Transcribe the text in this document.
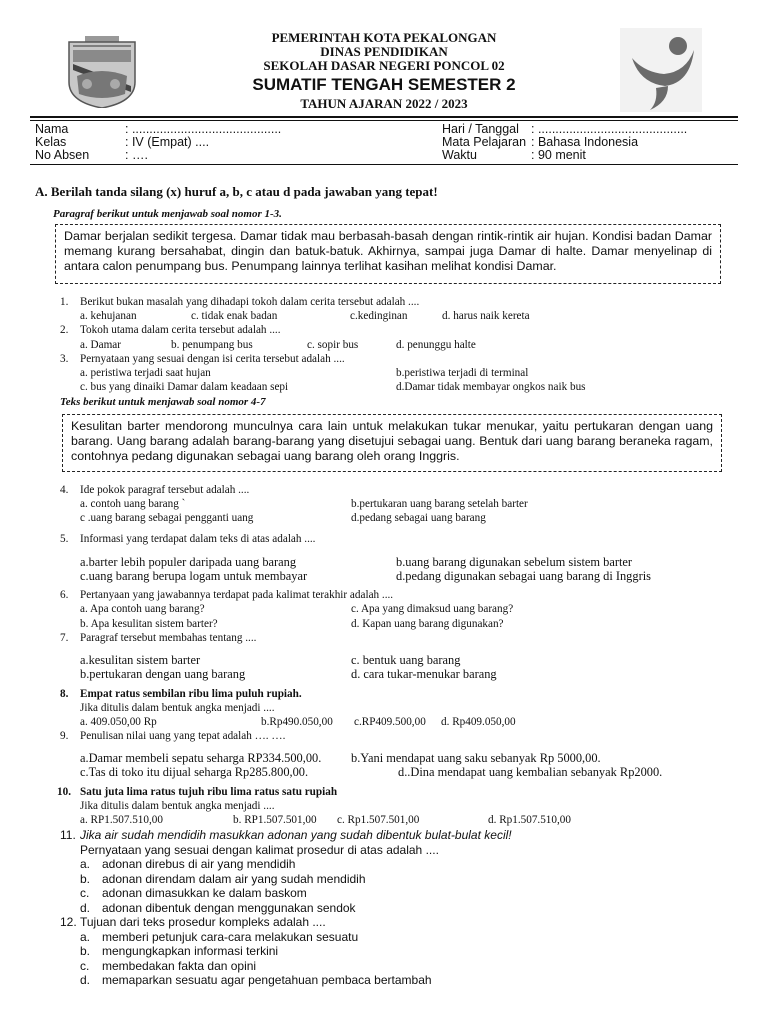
PEMERINTAH KOTA PEKALONGAN
DINAS PENDIDIKAN
SEKOLAH DASAR NEGERI PONCOL 02
SUMATIF TENGAH SEMESTER 2
TAHUN AJARAN 2022 / 2023
Nama	: ...........................................
Kelas	: IV (Empat) ....
No Absen	: ….
Hari / Tanggal : ...........................................
Mata Pelajaran : Bahasa Indonesia
Waktu	: 90 menit
A. Berilah tanda silang (x) huruf a, b, c atau d pada jawaban yang tepat!
Paragraf berikut untuk menjawab soal nomor 1-3.
Damar berjalan sedikit tergesa. Damar tidak mau berbasah-basah dengan rintik-rintik air hujan. Kondisi badan Damar memang kurang bersahabat, dingin dan batuk-batuk. Akhirnya, sampai juga Damar di halte. Damar menyelinap di antara calon penumpang bus. Penumpang lainnya terlihat kasihan melihat kondisi Damar.
1. Berikut bukan masalah yang dihadapi tokoh dalam cerita tersebut adalah ....
a. kehujanan	c. tidak enak badan	c.kedinginan	d. harus naik kereta
2. Tokoh utama dalam cerita tersebut adalah ....
a. Damar	b. penumpang bus	c. sopir bus	d. penunggu halte
3. Pernyataan yang sesuai dengan isi cerita tersebut adalah ....
a. peristiwa terjadi saat hujan	b.peristiwa terjadi di terminal
c. bus yang dinaiki Damar dalam keadaan sepi	d.Damar tidak membayar ongkos naik bus
Teks berikut untuk menjawab soal nomor 4-7
Kesulitan barter mendorong munculnya cara lain untuk melakukan tukar menukar, yaitu pertukaran dengan uang barang. Uang barang adalah barang-barang yang disetujui sebagai uang. Bentuk dari uang barang beraneka ragam, contohnya pedang digunakan sebagai uang barang oleh orang Inggris.
4. Ide pokok paragraf tersebut adalah ....
a. contoh uang barang `	b.pertukaran uang barang setelah barter
c .uang barang sebagai pengganti uang	d.pedang sebagai uang barang
5. Informasi yang terdapat dalam teks di atas adalah ....
a.barter lebih populer daripada uang barang	b.uang barang digunakan sebelum sistem barter
c.uang barang berupa logam untuk membayar	d.pedang digunakan sebagai uang barang di Inggris
6. Pertanyaan yang jawabannya terdapat pada kalimat terakhir adalah ....
a. Apa contoh uang barang?	c. Apa yang dimaksud uang barang?
b. Apa kesulitan sistem barter?	d. Kapan uang barang digunakan?
7. Paragraf tersebut membahas tentang ....
a.kesulitan sistem barter	c. bentuk uang barang
b.pertukaran dengan uang barang	d. cara tukar-menukar barang
8. Empat ratus sembilan ribu lima puluh rupiah.
Jika ditulis dalam bentuk angka menjadi ....
a. 409.050,00 Rp	b.Rp490.050,00 c.RP409.500,00 d. Rp409.050,00
9. Penulisan nilai uang yang tepat adalah …. ….
a.Damar membeli sepatu seharga RP334.500,00. b.Yani mendapat uang saku sebanyak Rp 5000,00.
c.Tas di toko itu dijual seharga Rp285.800,00.	d..Dina mendapat uang kembalian sebanyak Rp2000.
10. Satu juta lima ratus tujuh ribu lima ratus satu rupiah
Jika ditulis dalam bentuk angka menjadi ....
a. RP1.507.510,00	b. RP1.507.501,00 c. Rp1.507.501,00	d. Rp1.507.510,00
11. Jika air sudah mendidih masukkan adonan yang sudah dibentuk bulat-bulat kecil!
Pernyataan yang sesuai dengan kalimat prosedur di atas adalah ....
a. adonan direbus di air yang mendidih
b. adonan direndam dalam air yang sudah mendidih
c. adonan dimasukkan ke dalam baskom
d. adonan dibentuk dengan menggunakan sendok
12. Tujuan dari teks prosedur kompleks adalah ....
a. memberi petunjuk cara-cara melakukan sesuatu
b. mengungkapkan informasi terkini
c. membedakan fakta dan opini
d. memaparkan sesuatu agar pengetahuan pembaca bertambah
